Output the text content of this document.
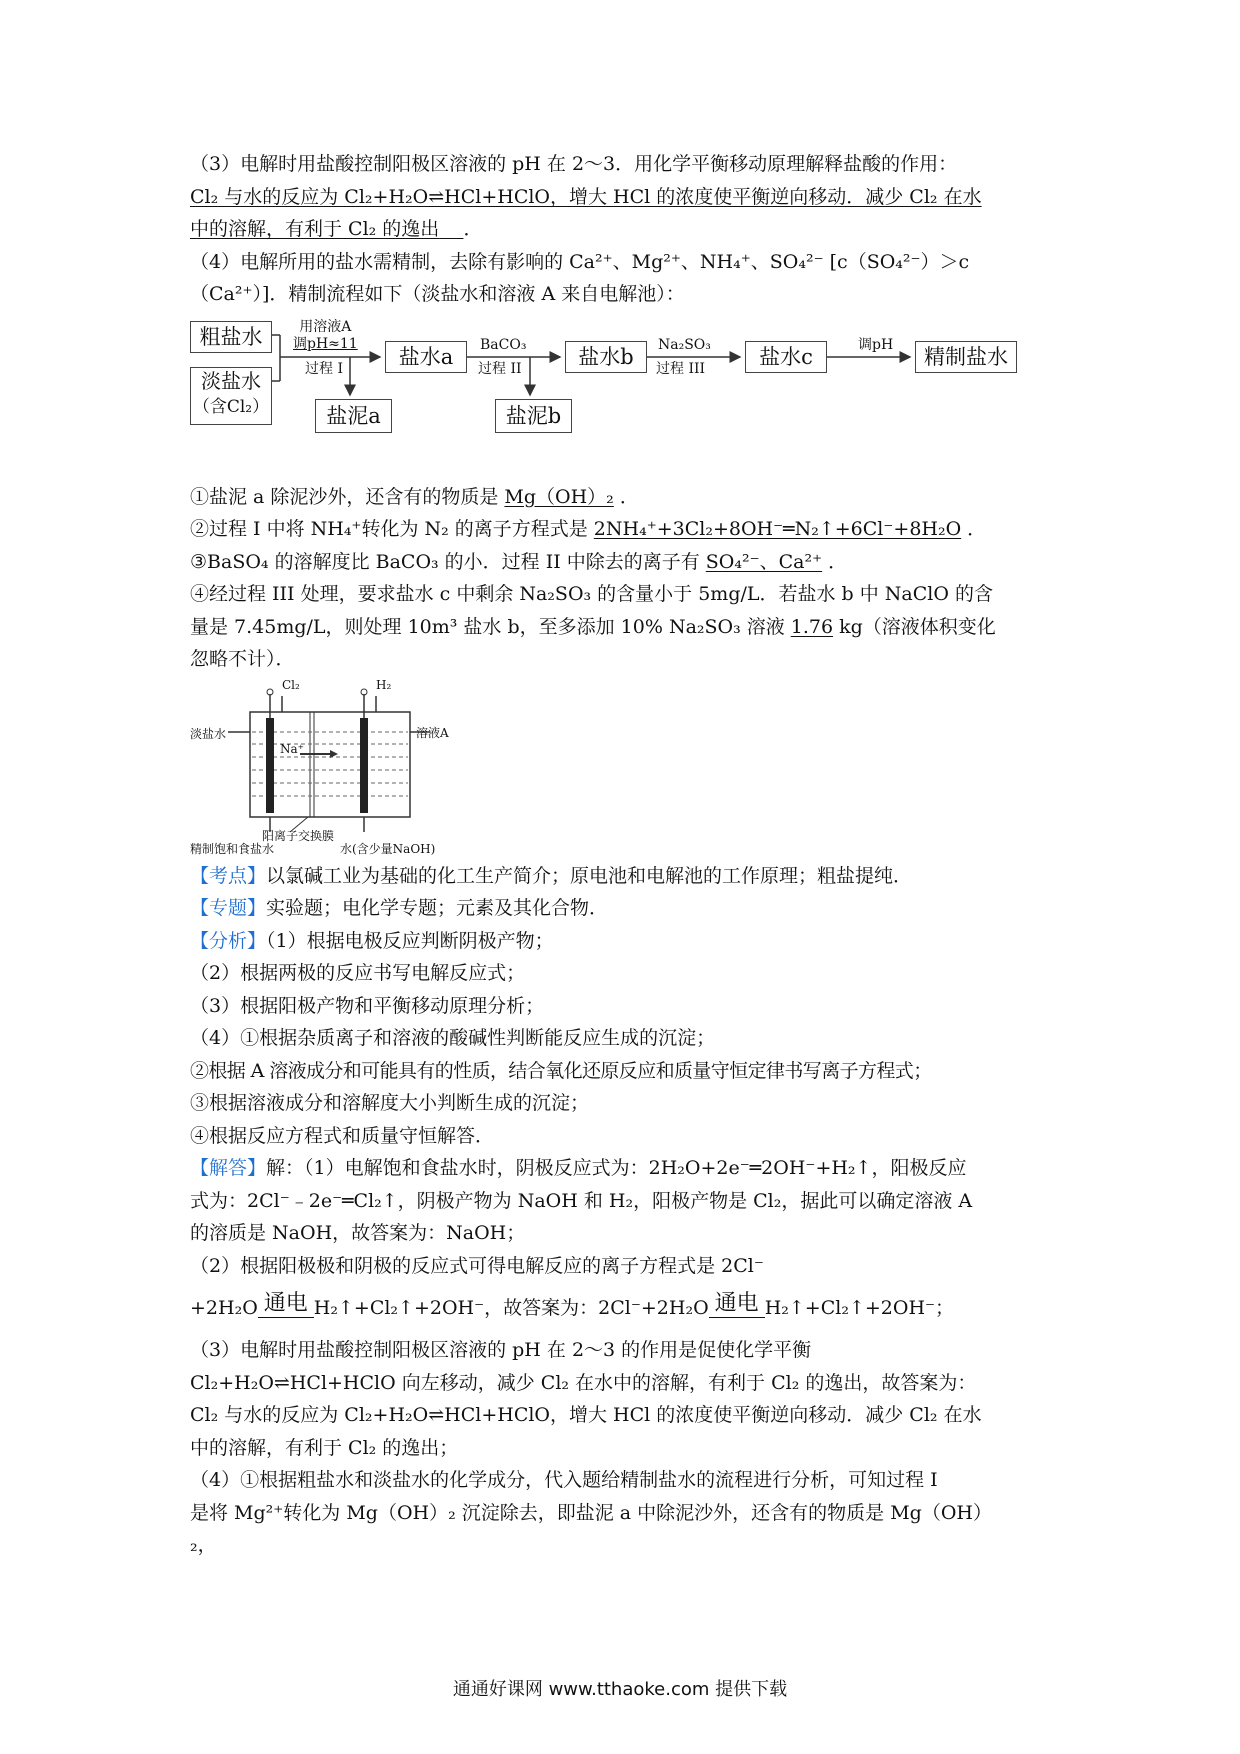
（3）电解时用盐酸控制阳极区溶液的 pH 在 2～3．用化学平衡移动原理解释盐酸的作用：
Cl₂ 与水的反应为 Cl₂+H₂O⇌HCl+HClO，增大 HCl 的浓度使平衡逆向移动．减少 Cl₂ 在水
中的溶解，有利于 Cl₂ 的逸出 ．
（4）电解所用的盐水需精制，去除有影响的 Ca²⁺、Mg²⁺、NH₄⁺、SO₄²⁻ [c（SO₄²⁻）＞c
（Ca²⁺）]．精制流程如下（淡盐水和溶液 A 来自电解池）：
粗盐水
淡盐水
（含Cl₂）
用溶液A
调pH≈11
过程 I	盐水a
盐泥a
BaCO₃
过程 II	盐水b
盐泥b
Na₂SO₃
过程 III	盐水c	调pH	精制盐水
①盐泥 a 除泥沙外，还含有的物质是 Mg（OH）₂ ．
②过程 I 中将 NH₄⁺转化为 N₂ 的离子方程式是 2NH₄⁺+3Cl₂+8OH⁻═N₂↑+6Cl⁻+8H₂O ．
③BaSO₄ 的溶解度比 BaCO₃ 的小．过程 II 中除去的离子有 SO₄²⁻、Ca²⁺ ．
④经过程 III 处理，要求盐水 c 中剩余 Na₂SO₃ 的含量小于 5mg/L．若盐水 b 中 NaClO 的含
量是 7.45mg/L，则处理 10m³ 盐水 b，至多添加 10% Na₂SO₃ 溶液 1.76 kg（溶液体积变化
忽略不计）．
Cl₂	H₂
淡盐水	溶液A
Na⁺
阳离子交换膜
精制饱和食盐水	水(含少量NaOH)
【考点】以氯碱工业为基础的化工生产简介；原电池和电解池的工作原理；粗盐提纯．
【专题】实验题；电化学专题；元素及其化合物．
【分析】（1）根据电极反应判断阴极产物；
（2）根据两极的反应书写电解反应式；
（3）根据阳极产物和平衡移动原理分析；
（4）①根据杂质离子和溶液的酸碱性判断能反应生成的沉淀；
②根据 A 溶液成分和可能具有的性质，结合氧化还原反应和质量守恒定律书写离子方程式；
③根据溶液成分和溶解度大小判断生成的沉淀；
④根据反应方程式和质量守恒解答．
【解答】解：（1）电解饱和食盐水时，阴极反应式为：2H₂O+2e⁻═2OH⁻+H₂↑，阳极反应
式为：2Cl⁻﹣2e⁻═Cl₂↑，阴极产物为 NaOH 和 H₂，阳极产物是 Cl₂，据此可以确定溶液 A
的溶质是 NaOH，故答案为：NaOH；
（2）根据阳极极和阴极的反应式可得电解反应的离子方程式是 2Cl⁻
+2H₂O 通电 H₂↑+Cl₂↑+2OH⁻，故答案为：2Cl⁻+2H₂O 通电 H₂↑+Cl₂↑+2OH⁻；
（3）电解时用盐酸控制阳极区溶液的 pH 在 2～3 的作用是促使化学平衡
Cl₂+H₂O⇌HCl+HClO 向左移动，减少 Cl₂ 在水中的溶解，有利于 Cl₂ 的逸出，故答案为：
Cl₂ 与水的反应为 Cl₂+H₂O⇌HCl+HClO，增大 HCl 的浓度使平衡逆向移动．减少 Cl₂ 在水
中的溶解，有利于 Cl₂ 的逸出；
（4）①根据粗盐水和淡盐水的化学成分，代入题给精制盐水的流程进行分析，可知过程 I
是将 Mg²⁺转化为 Mg（OH）₂ 沉淀除去，即盐泥 a 中除泥沙外，还含有的物质是 Mg（OH）
₂，
通通好课网 www.tthaoke.com 提供下载
